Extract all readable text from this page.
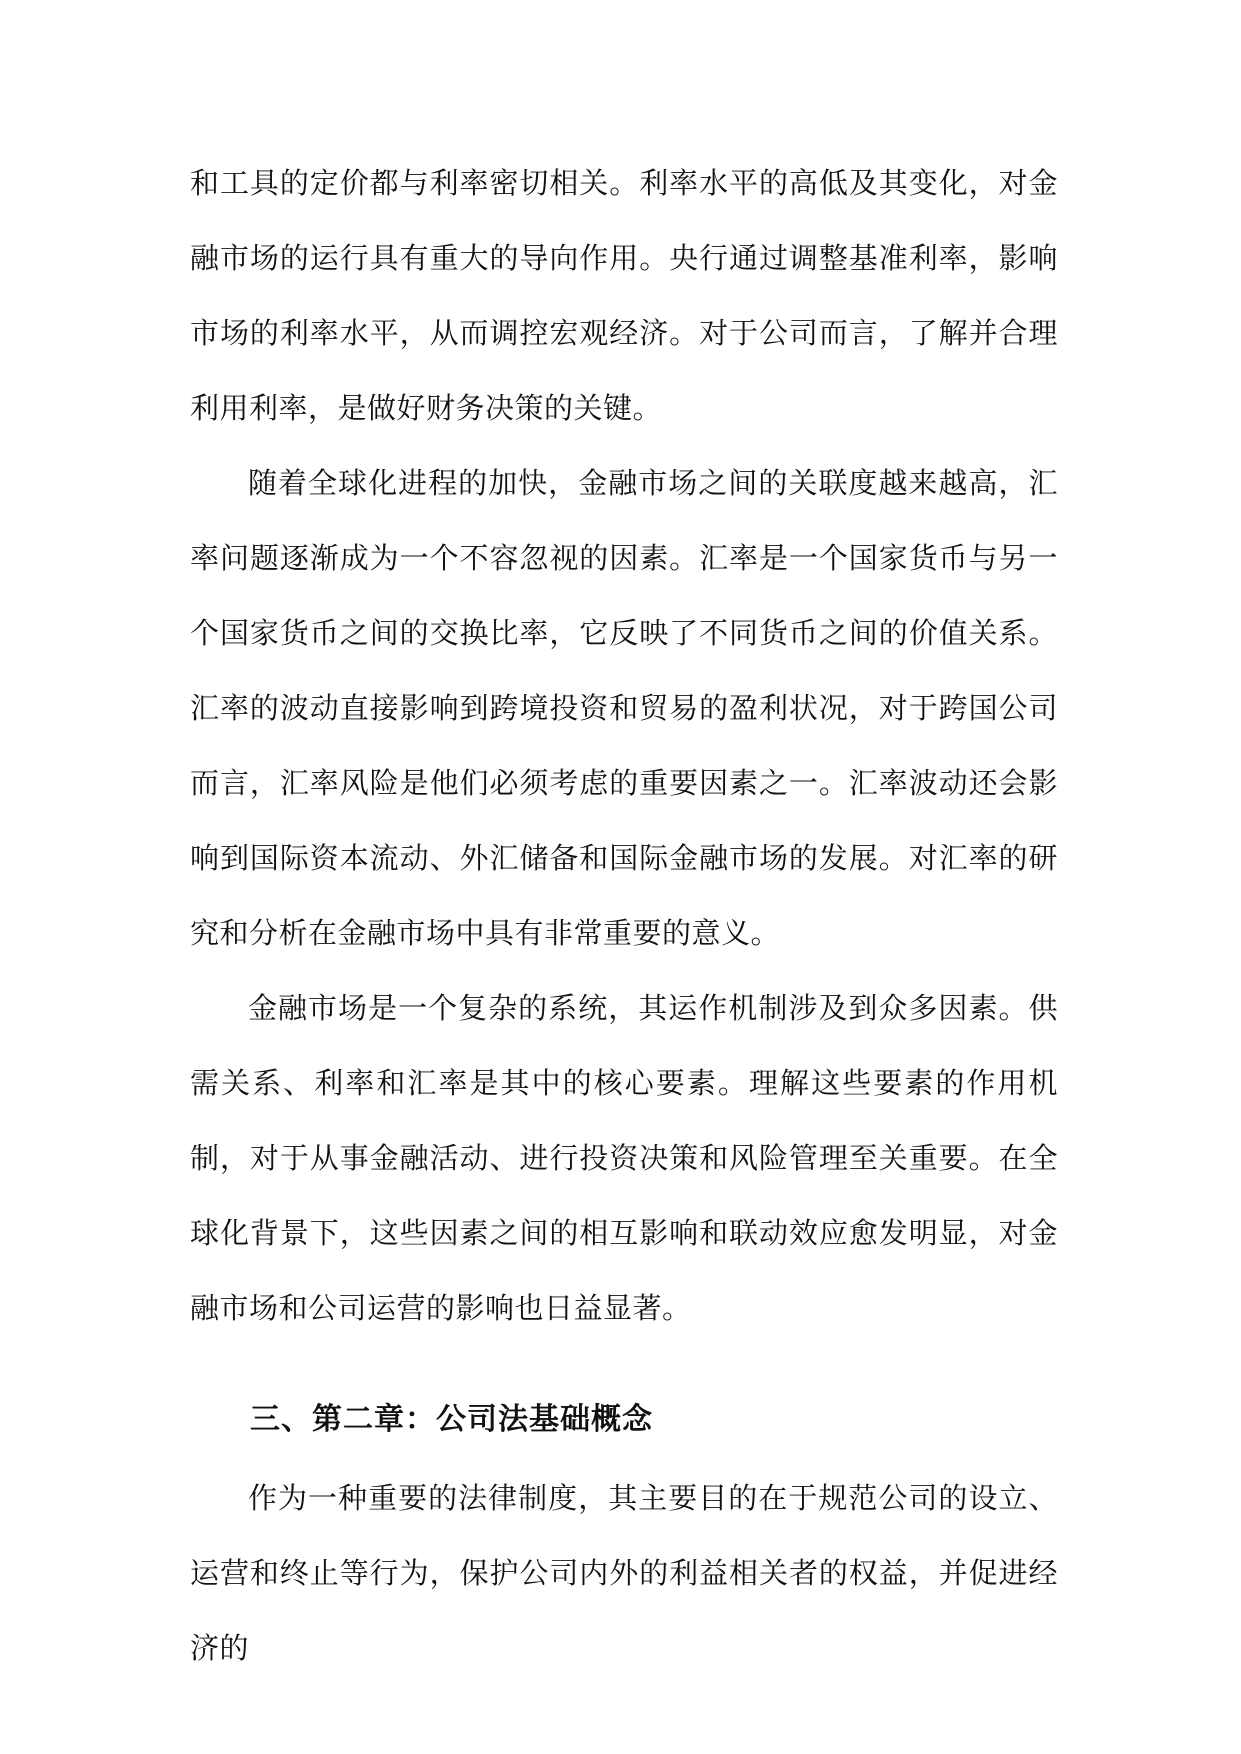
和工具的定价都与利率密切相关。利率水平的高低及其变化，对金融市场的运行具有重大的导向作用。央行通过调整基准利率，影响市场的利率水平，从而调控宏观经济。对于公司而言，了解并合理利用利率，是做好财务决策的关键。

随着全球化进程的加快，金融市场之间的关联度越来越高，汇率问题逐渐成为一个不容忽视的因素。汇率是一个国家货币与另一个国家货币之间的交换比率，它反映了不同货币之间的价值关系。汇率的波动直接影响到跨境投资和贸易的盈利状况，对于跨国公司而言，汇率风险是他们必须考虑的重要因素之一。汇率波动还会影响到国际资本流动、外汇储备和国际金融市场的发展。对汇率的研究和分析在金融市场中具有非常重要的意义。

金融市场是一个复杂的系统，其运作机制涉及到众多因素。供需关系、利率和汇率是其中的核心要素。理解这些要素的作用机制，对于从事金融活动、进行投资决策和风险管理至关重要。在全球化背景下，这些因素之间的相互影响和联动效应愈发明显，对金融市场和公司运营的影响也日益显著。

三、第二章：公司法基础概念

作为一种重要的法律制度，其主要目的在于规范公司的设立、运营和终止等行为，保护公司内外的利益相关者的权益，并促进经济的
